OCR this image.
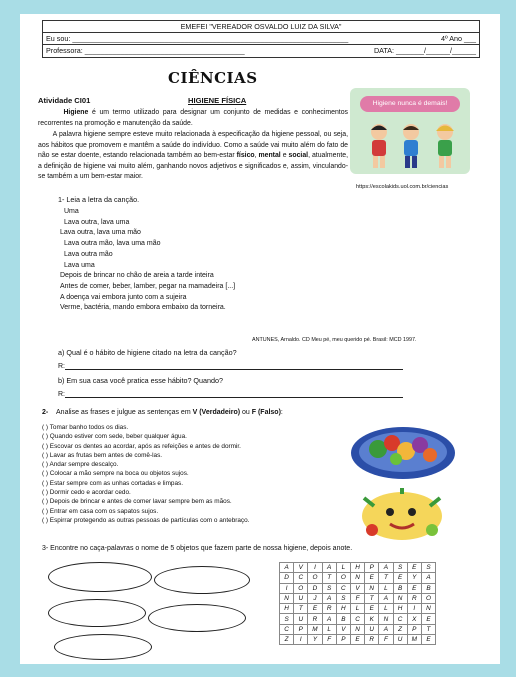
EMEFEI "VEREADOR OSVALDO LUIZ DA SILVA"
Eu sou: _____________________________________________________________________	4º Ano ___
Professora: ________________________________________	DATA: _______/______/______
CIÊNCIAS
Atividade CI01	HIGIENE FÍSICA	Higiene nunca é demais!
Higiene é um termo utilizado para designar um conjunto de medidas e conhecimentos recorrentes na promoção e manutenção da saúde.
A palavra higiene sempre esteve muito relacionada à especificação da higiene pessoal, ou seja, aos hábitos que promovem e mantêm a saúde do indivíduo. Como a saúde vai muito além do fato de não se estar doente, estando relacionada também ao bem-estar físico, mental e social, atualmente, a definição de higiene vai muito além, ganhando novos adjetivos e significados e, assim, vinculando-se também a um bem-estar maior.
https://escolakids.uol.com.br/ciencias
1- Leia a letra da canção.
Uma
Lava outra, lava uma
Lava outra, lava uma mão
Lava outra mão, lava uma mão
Lava outra mão
Lava uma
Depois de brincar no chão de areia a tarde inteira
Antes de comer, beber, lamber, pegar na mamadeira [...]
A doença vai embora junto com a sujeira
Verme, bactéria, mando embora embaixo da torneira.
ANTUNES, Arnaldo. CD Meu pé, meu querido pé. Brasil: MCD 1997.
a) Qual é o hábito de higiene citado na letra da canção?
R:
b) Em sua casa você pratica esse hábito? Quando?
R:
2- Analise as frases e julgue as sentenças em V (Verdadeiro) ou F (Falso):
( ) Tomar banho todos os dias.
( ) Quando estiver com sede, beber qualquer água.
( ) Escovar os dentes ao acordar, após as refeições e antes de dormir.
( ) Lavar as frutas bem antes de comê-las.
( ) Andar sempre descalço.
( ) Colocar a mão sempre na boca ou objetos sujos.
( ) Estar sempre com as unhas cortadas e limpas.
( ) Dormir cedo e acordar cedo.
( ) Depois de brincar e antes de comer lavar sempre bem as mãos.
( ) Entrar em casa com os sapatos sujos.
( ) Espirrar protegendo as outras pessoas de partículas com o antebraço.
3- Encontre no caça-palavras o nome de 5 objetos que fazem parte de nossa higiene, depois anote.
A	V	I	A	L	H	P	A	S	E	S
D	C	O	T	O	N	E	T	E	Y	A
I	O	D	S	C	V	N	L	B	E	B
N	U	J	A	S	F	T	A	N	R	O
H	T	E	R	H	L	E	L	H	I	N
S	U	R	A	B	C	K	N	C	X	E
C	P	M	L	V	N	U	A	Z	P	T
Z	I	Y	F	P	E	R	F	U	M	E
